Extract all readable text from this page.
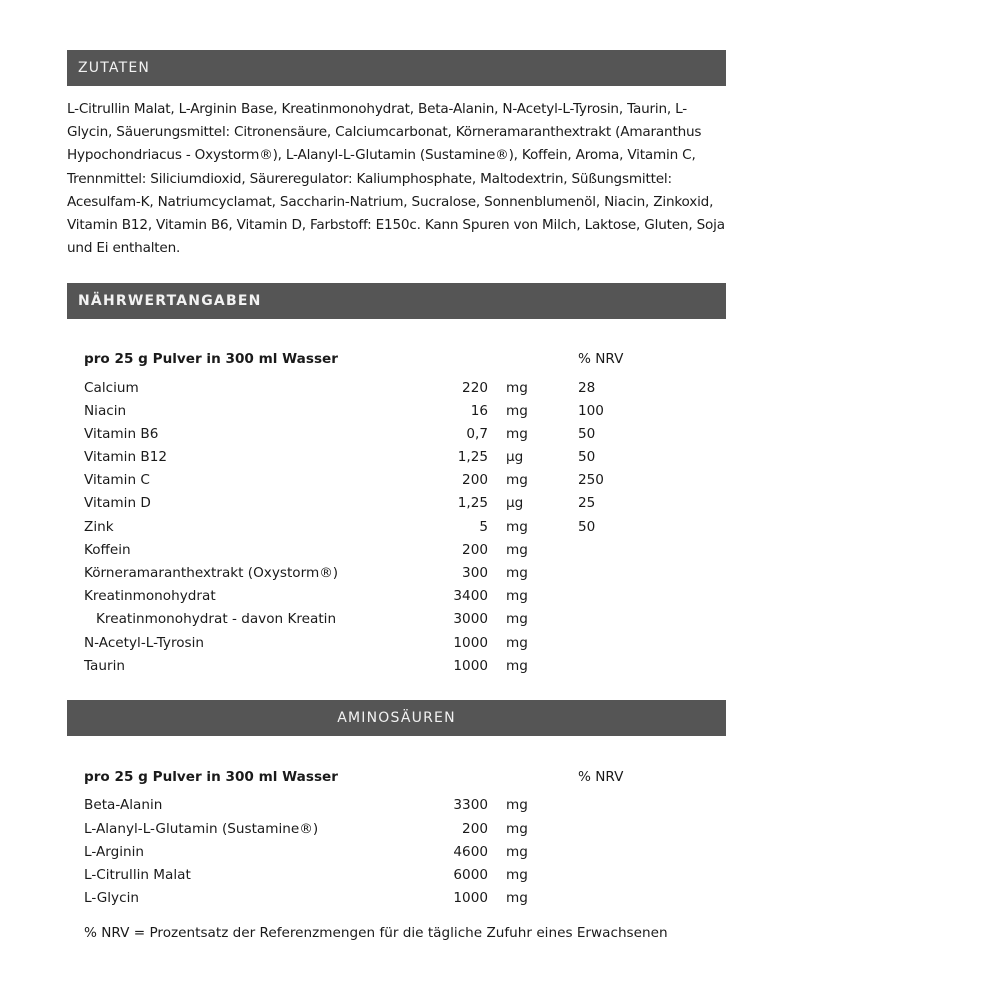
ZUTATEN

L-Citrullin Malat, L-Arginin Base, Kreatinmonohydrat, Beta-Alanin, N-Acetyl-L-Tyrosin, Taurin, L-Glycin, Säuerungsmittel: Citronensäure, Calciumcarbonat, Körneramaranthextrakt (Amaranthus Hypochondriacus - Oxystorm®), L-Alanyl-L-Glutamin (Sustamine®), Koffein, Aroma, Vitamin C, Trennmittel: Siliciumdioxid, Säureregulator: Kaliumphosphate, Maltodextrin, Süßungsmittel: Acesulfam-K, Natriumcyclamat, Saccharin-Natrium, Sucralose, Sonnenblumenöl, Niacin, Zinkoxid, Vitamin B12, Vitamin B6, Vitamin D, Farbstoff: E150c. Kann Spuren von Milch, Laktose, Gluten, Soja und Ei enthalten.

NÄHRWERTANGABEN
pro 25 g Pulver in 300 ml Wasser	% NRV
Calcium	220 mg	28
Niacin	16 mg	100
Vitamin B6	0,7 mg	50
Vitamin B12	1,25 µg	50
Vitamin C	200 mg	250
Vitamin D	1,25 µg	25
Zink	5 mg	50
Koffein	200 mg
Körneramaranthextrakt (Oxystorm®)	300 mg
Kreatinmonohydrat	3400 mg
Kreatinmonohydrat - davon Kreatin	3000 mg
N-Acetyl-L-Tyrosin	1000 mg
Taurin	1000 mg
AMINOSÄUREN
pro 25 g Pulver in 300 ml Wasser	% NRV
Beta-Alanin	3300 mg
L-Alanyl-L-Glutamin (Sustamine®)	200 mg
L-Arginin	4600 mg
L-Citrullin Malat	6000 mg
L-Glycin	1000 mg
% NRV = Prozentsatz der Referenzmengen für die tägliche Zufuhr eines Erwachsenen
